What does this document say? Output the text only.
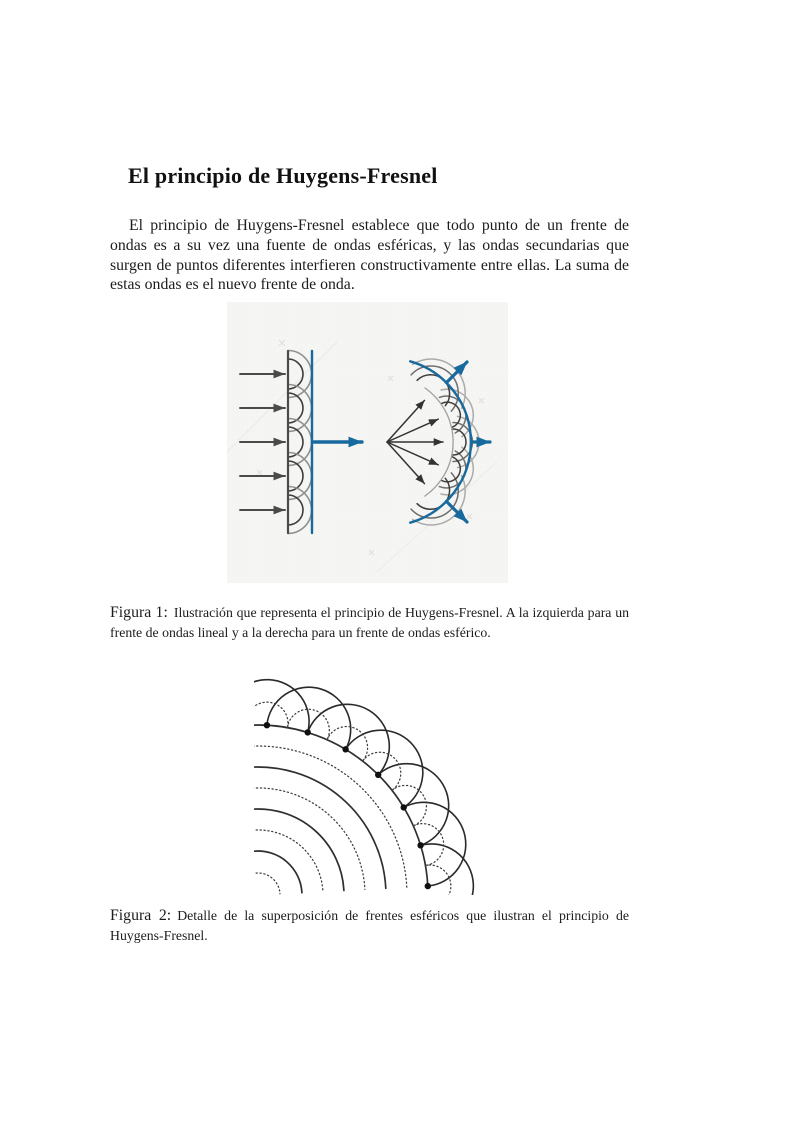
El principio de Huygens-Fresnel

El principio de Huygens-Fresnel establece que todo punto de un frente de ondas es a su vez una fuente de ondas esféricas, y las ondas secundarias que surgen de puntos diferentes interfieren constructivamente entre ellas. La suma de estas ondas es el nuevo frente de onda.

Figura 1: Ilustración que representa el principio de Huygens-Fresnel. A la izquierda para un frente de ondas lineal y a la derecha para un frente de ondas esférico.

Figura 2: Detalle de la superposición de frentes esféricos que ilustran el principio de Huygens-Fresnel.
